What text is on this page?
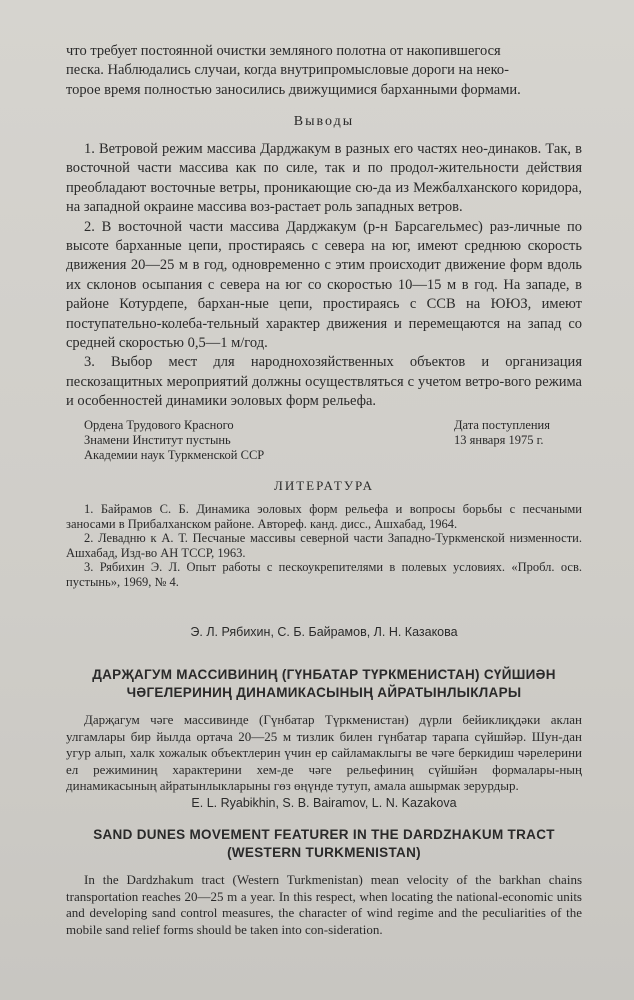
что требует постоянной очистки земляного полотна от накопившегося

песка. Наблюдались случаи, когда внутрипромысловые дороги на неко-

торое время полностью заносились движущимися барханными формами.

Выводы

1. Ветровой режим массива Дарджакум в разных его частях нео-динаков. Так, в восточной части массива как по силе, так и по продол-жительности действия преобладают восточные ветры, проникающие сю-да из Межбалханского коридора, на западной окраине массива воз-растает роль западных ветров.

2. В восточной части массива Дарджакум (р-н Барсагельмес) раз-личные по высоте барханные цепи, простираясь с севера на юг, имеют среднюю скорость движения 20—25 м в год, одновременно с этим происходит движение форм вдоль их склонов осыпания с севера на юг со скоростью 10—15 м в год. На западе, в районе Котурдепе, бархан-ные цепи, простираясь с ССВ на ЮЮЗ, имеют поступательно-колеба-тельный характер движения и перемещаются на запад со средней скоростью 0,5—1 м/год.

3. Выбор мест для народнохозяйственных объектов и организация пескозащитных мероприятий должны осуществляться с учетом ветро-вого режима и особенностей динамики эоловых форм рельефа.

Ордена Трудового Красного

Знамени Институт пустынь

Академии наук Туркменской ССР

Дата поступления

13 января 1975 г.

ЛИТЕРАТУРА

1. Байрамов С. Б. Динамика эоловых форм рельефа и вопросы борьбы с песчаными заносами в Прибалханском районе. Автореф. канд. дисс., Ашхабад, 1964.

2. Левадню к А. Т. Песчаные массивы северной части Западно-Туркменской низменности. Ашхабад, Изд-во АН ТССР, 1963.

3. Рябихин Э. Л. Опыт работы с пескоукрепителями в полевых условиях. «Пробл. осв. пустынь», 1969, № 4.

Э. Л. Рябихин, С. Б. Байрамов, Л. Н. Казакова

ДАРҖАГУМ МАССИВИНИҢ (ГҮНБАТАР ТҮРКМЕНИСТАН) СҮЙШИӘН

ЧӘГЕЛЕРИНИҢ ДИНАМИКАСЫНЫҢ АЙРАТЫНЛЫКЛАРЫ

Дарҗагум чәге массивинде (Гүнбатар Түркменистан) дүрли бейиклиқдәки аклан улгамлары бир йылда ортача 20—25 м тизлик билен гүнбатар тарапа сүйшйәр. Шун-дан угур алып, халк хожалык объектлерин үчин ер сайламаклыгы ве чәге беркидиш чәрелерини ел режиминиң характерини хем-де чәге рельефиниң сүйшйән формалары-ның динамикасының айратынлыкларыны гөз өңүнде тутуп, амала ашырмак зерурдыр.

E. L. Ryabikhin, S. B. Bairamov, L. N. Kazakova

SAND DUNES MOVEMENT FEATURER IN THE DARDZHAKUM TRACT

(WESTERN TURKMENISTAN)

In the Dardzhakum tract (Western Turkmenistan) mean velocity of the barkhan chains transportation reaches 20—25 m a year. In this respect, when locating the national-economic units and developing sand control measures, the character of wind regime and the peculiarities of the mobile sand relief forms should be taken into con-sideration.
